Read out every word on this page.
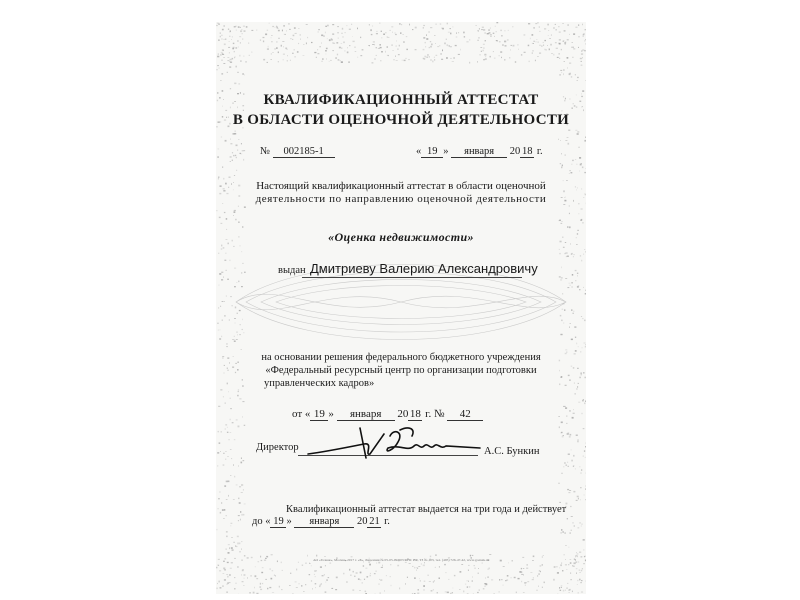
КВАЛИФИКАЦИОННЫЙ АТТЕСТАТ
В ОБЛАСТИ ОЦЕНОЧНОЙ ДЕЯТЕЛЬНОСТИ
№ 002185-1	« 19 » января 20 18 г.
Настоящий квалификационный аттестат в области оценочной
деятельности по направлению оценочной деятельности
«Оценка недвижимости»
выдан Дмитриеву Валерию Александровичу
на основании решения федерального бюджетного учреждения
«Федеральный ресурсный центр по организации подготовки
управленческих кадров»
от « 19 » января 20 18 г. № 42
Директор	А.С. Бункин
Квалификационный аттестат выдается на три года и действует
до « 19 » января 20 21 г.
АО «Гознак», Москва, 2017 г. «Б», Лицензия № 05-05-09/003 ФНС РФ, ТЗ № 103, тел. (495) 726-47-42, www.goznak.ru
